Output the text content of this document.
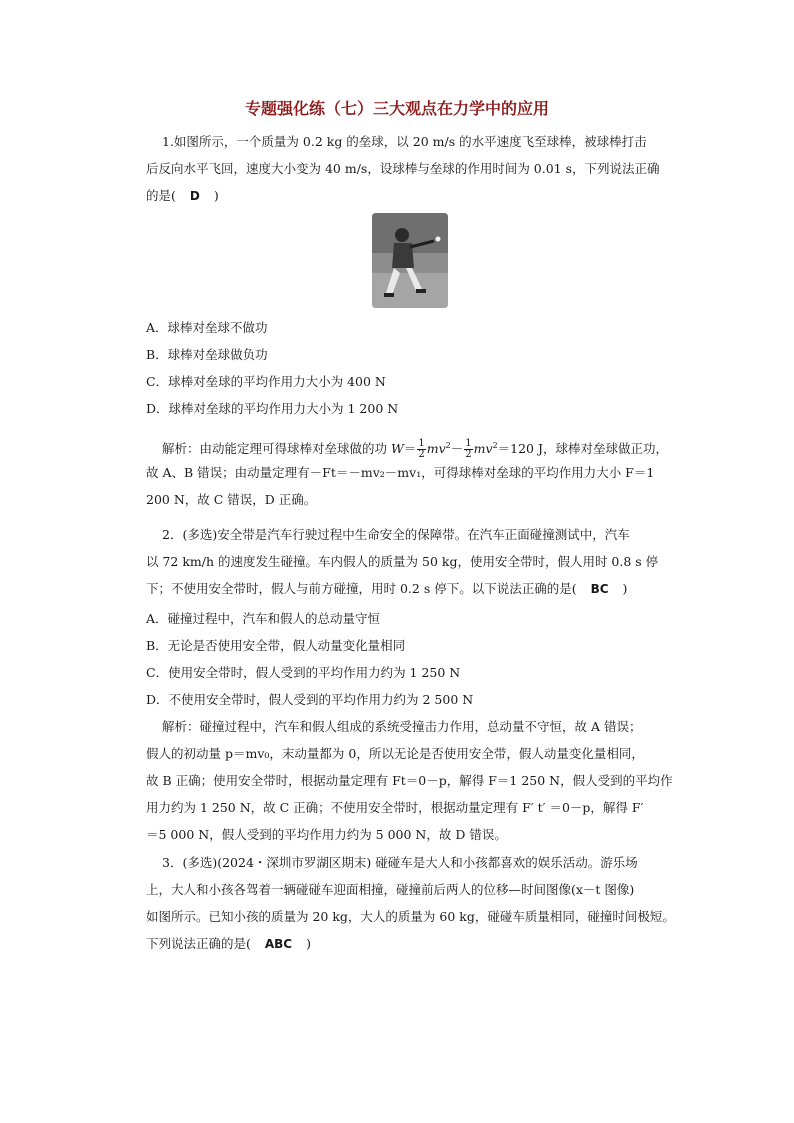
专题强化练（七）三大观点在力学中的应用
1.如图所示，一个质量为 0.2 kg 的垒球，以 20 m/s 的水平速度飞至球棒，被球棒打击
后反向水平飞回，速度大小变为 40 m/s，设球棒与垒球的作用时间为 0.01 s，下列说法正确
的是( D )
A．球棒对垒球不做功
B．球棒对垒球做负功
C．球棒对垒球的平均作用力大小为 400 N
D．球棒对垒球的平均作用力大小为 1 200 N
解析：由动能定理可得球棒对垒球做的功 $W= \frac{1}{2} mv^2- \frac{1}{2} mv^2=120$ J，球棒对垒球做正功，
故 A、B 错误；由动量定理有－Ft＝－mv₂－mv₁，可得球棒对垒球的平均作用力大小 F＝1
200 N，故 C 错误，D 正确。
2．(多选)安全带是汽车行驶过程中生命安全的保障带。在汽车正面碰撞测试中，汽车
以 72 km/h 的速度发生碰撞。车内假人的质量为 50 kg，使用安全带时，假人用时 0.8 s 停
下；不使用安全带时，假人与前方碰撞，用时 0.2 s 停下。以下说法正确的是( BC )
A．碰撞过程中，汽车和假人的总动量守恒
B．无论是否使用安全带，假人动量变化量相同
C．使用安全带时，假人受到的平均作用力约为 1 250 N
D．不使用安全带时，假人受到的平均作用力约为 2 500 N
解析：碰撞过程中，汽车和假人组成的系统受撞击力作用，总动量不守恒，故 A 错误；
假人的初动量 p＝mv₀，末动量都为 0，所以无论是否使用安全带，假人动量变化量相同，
故 B 正确；使用安全带时，根据动量定理有 Ft＝0－p，解得 F＝1 250 N，假人受到的平均作
用力约为 1 250 N，故 C 正确；不使用安全带时，根据动量定理有 F′ t′ ＝0－p，解得 F′
＝5 000 N，假人受到的平均作用力约为 5 000 N，故 D 错误。
3．(多选)(2024・深圳市罗湖区期末) 碰碰车是大人和小孩都喜欢的娱乐活动。游乐场
上，大人和小孩各驾着一辆碰碰车迎面相撞，碰撞前后两人的位移—时间图像(x－t 图像)
如图所示。已知小孩的质量为 20 kg，大人的质量为 60 kg，碰碰车质量相同，碰撞时间极短。
下列说法正确的是( ABC )
